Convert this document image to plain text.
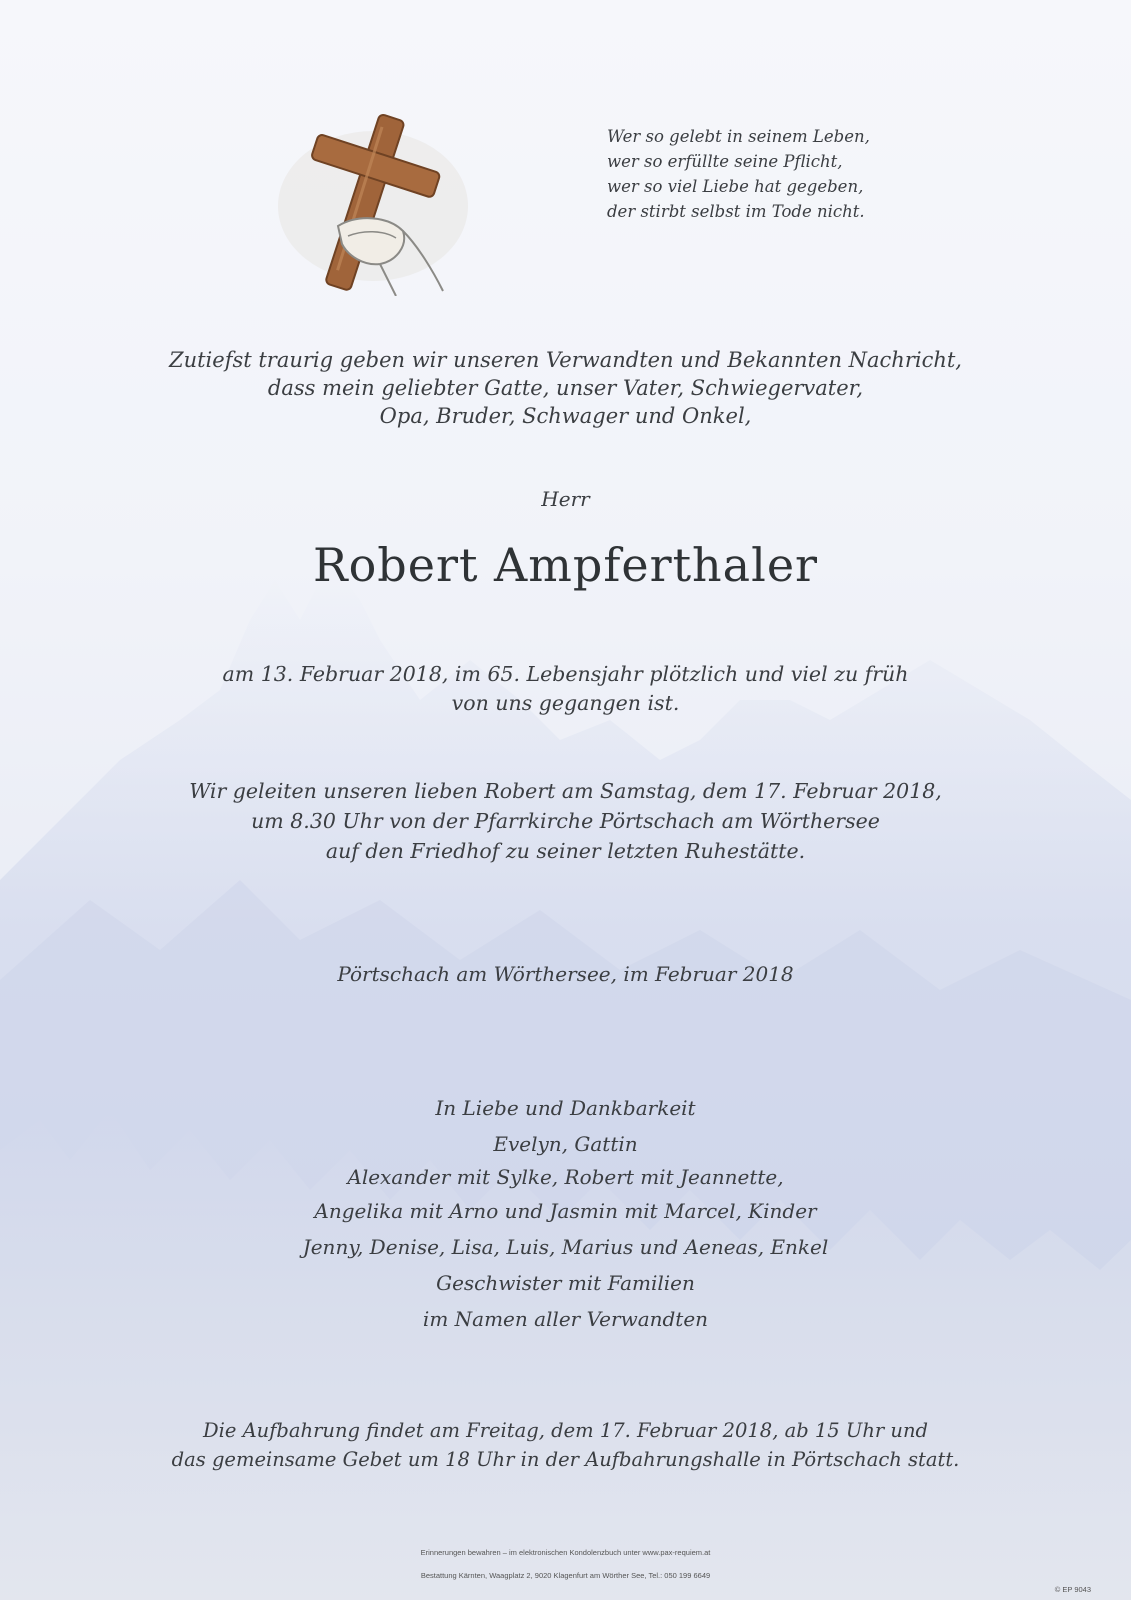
Wer so gelebt in seinem Leben,
wer so erfüllte seine Pflicht,
wer so viel Liebe hat gegeben,
der stirbt selbst im Tode nicht.
Zutiefst traurig geben wir unseren Verwandten und Bekannten Nachricht,
dass mein geliebter Gatte, unser Vater, Schwiegervater,
Opa, Bruder, Schwager und Onkel,
Herr
Robert Ampferthaler
am 13. Februar 2018, im 65. Lebensjahr plötzlich und viel zu früh
von uns gegangen ist.
Wir geleiten unseren lieben Robert am Samstag, dem 17. Februar 2018,
um 8.30 Uhr von der Pfarrkirche Pörtschach am Wörthersee
auf den Friedhof zu seiner letzten Ruhestätte.
Pörtschach am Wörthersee, im Februar 2018
In Liebe und Dankbarkeit
Evelyn, Gattin
Alexander mit Sylke, Robert mit Jeannette,
Angelika mit Arno und Jasmin mit Marcel, Kinder
Jenny, Denise, Lisa, Luis, Marius und Aeneas, Enkel
Geschwister mit Familien
im Namen aller Verwandten
Die Aufbahrung findet am Freitag, dem 17. Februar 2018, ab 15 Uhr und
das gemeinsame Gebet um 18 Uhr in der Aufbahrungshalle in Pörtschach statt.
Erinnerungen bewahren – im elektronischen Kondolenzbuch unter www.pax-requiem.at
Bestattung Kärnten, Waagplatz 2, 9020 Klagenfurt am Wörther See, Tel.: 050 199 6649
© EP 9043
